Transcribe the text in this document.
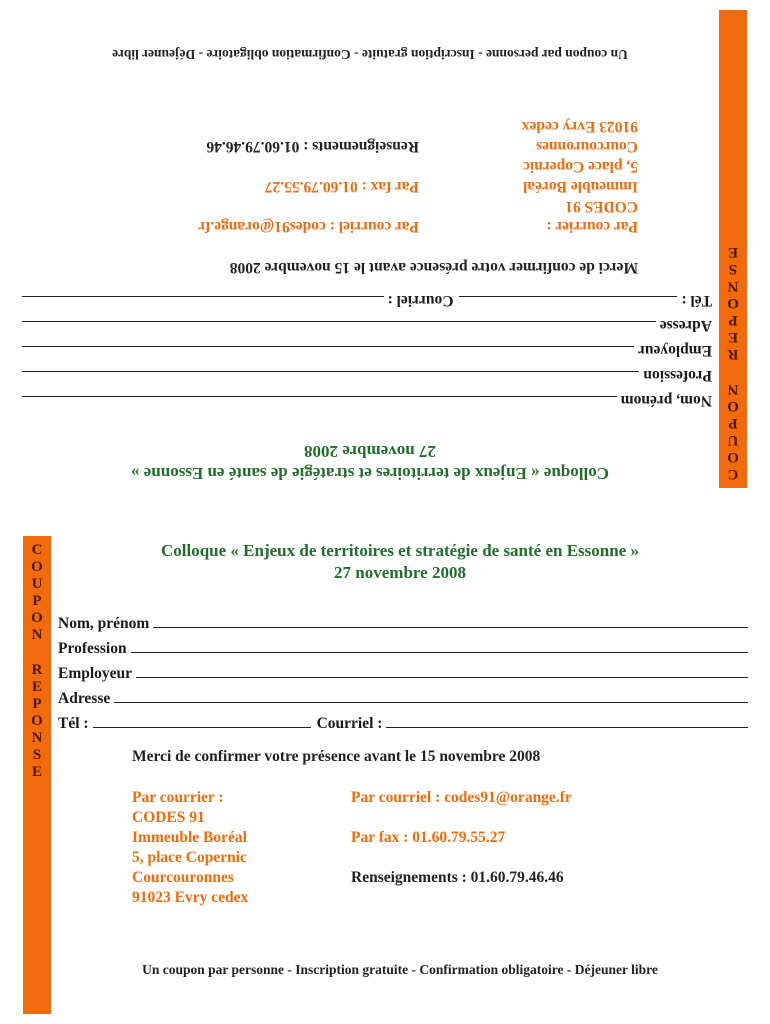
C
O
U
P
O
N
R
E
P
O
N
S
E
Colloque « Enjeux de territoires et stratégie de santé en Essonne »
27 novembre 2008
Nom, prénom
Profession
Employeur
Adresse
Tél :
Courriel :
Merci de confirmer votre présence avant le 15 novembre 2008
Par courrier :
CODES 91
Immeuble Boréal
5, place Copernic
Courcouronnes
91023 Evry cedex
Par courriel : codes91@orange.fr
Par fax : 01.60.79.55.27
Renseignements : 01.60.79.46.46
Un coupon par personne - Inscription gratuite - Confirmation obligatoire - Déjeuner libre
C
O
U
P
O
N
R
E
P
O
N
S
E
Colloque « Enjeux de territoires et stratégie de santé en Essonne »
27 novembre 2008
Nom, prénom
Profession
Employeur
Adresse
Tél :	Courriel :
Merci de confirmer votre présence avant le 15 novembre 2008
Par courrier :
CODES 91
Immeuble Boréal
5, place Copernic
Courcouronnes
91023 Evry cedex
Par courriel : codes91@orange.fr
Par fax : 01.60.79.55.27
Renseignements : 01.60.79.46.46
Un coupon par personne - Inscription gratuite - Confirmation obligatoire - Déjeuner libre
